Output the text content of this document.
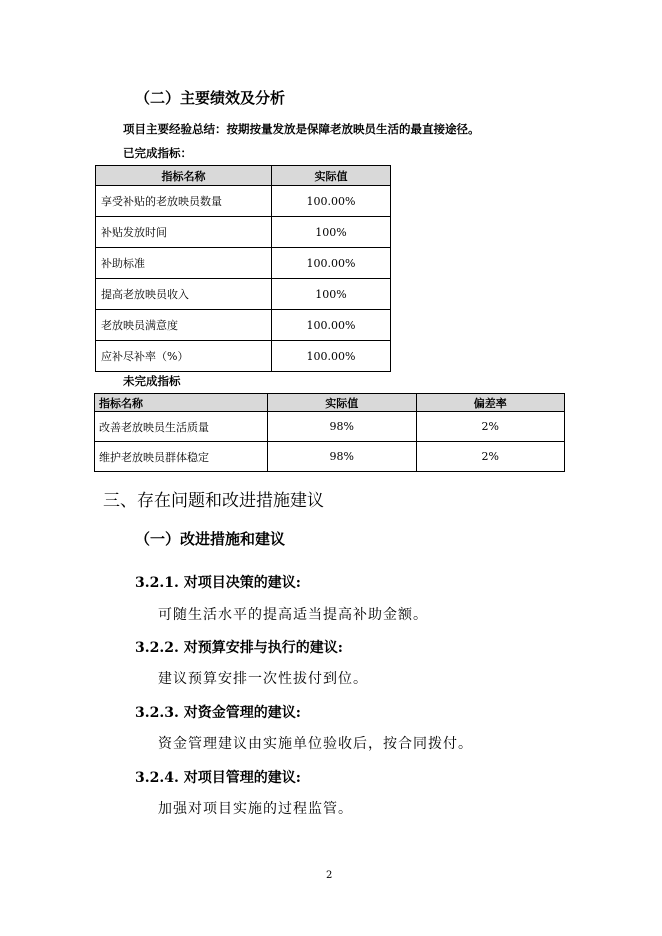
（二）主要绩效及分析
项目主要经验总结：按期按量发放是保障老放映员生活的最直接途径。
已完成指标：
指标名称	实际值
享受补贴的老放映员数量	100.00%
补贴发放时间	100%
补助标准	100.00%
提高老放映员收入	100%
老放映员满意度	100.00%
应补尽补率（%）	100.00%
未完成指标
指标名称	实际值	偏差率
改善老放映员生活质量	98%	2%
维护老放映员群体稳定	98%	2%
三、存在问题和改进措施建议
（一）改进措施和建议
3.2.1. 对项目决策的建议:
可随生活水平的提高适当提高补助金额。
3.2.2. 对预算安排与执行的建议:
建议预算安排一次性拔付到位。
3.2.3. 对资金管理的建议:
资金管理建议由实施单位验收后，按合同拨付。
3.2.4. 对项目管理的建议:
加强对项目实施的过程监管。
2
